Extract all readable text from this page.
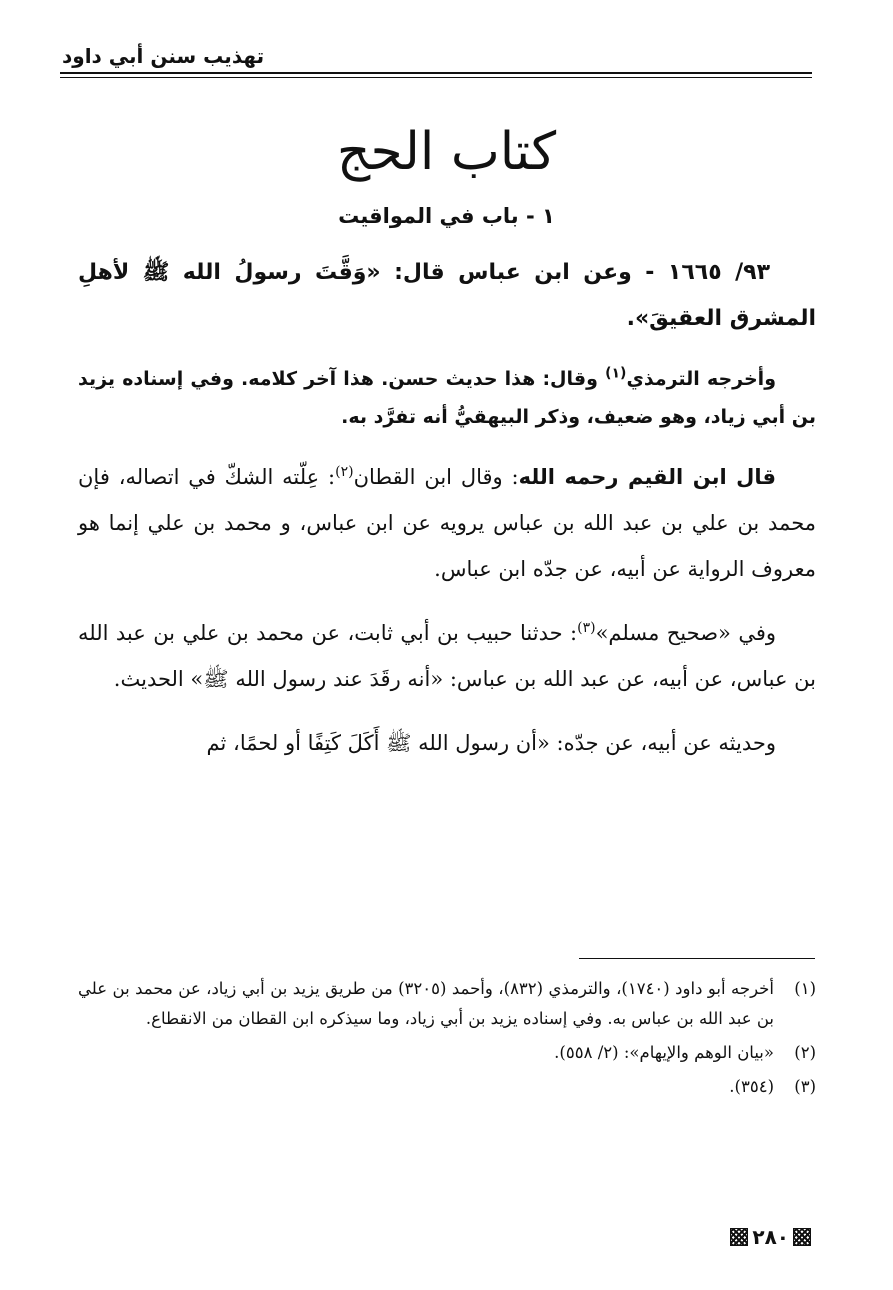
تهذيب سنن أبي داود
كتاب الحج
١ - باب في المواقيت

٩٣/ ١٦٦٥ - وعن ابن عباس قال: «وَقَّتَ رسولُ الله ﷺ لأهلِ المشرق العقيقَ».

وأخرجه الترمذي$^{(١)}$ وقال: هذا حديث حسن. هذا آخر كلامه. وفي إسناده يزيد بن أبي زياد، وهو ضعيف، وذكر البيهقيُّ أنه تفرَّد به.

قال ابن القيم رحمه الله: وقال ابن القطان$^{(٢)}$: عِلّته الشكّ في اتصاله، فإن محمد بن علي بن عبد الله بن عباس يرويه عن ابن عباس، و محمد بن علي إنما هو معروف الرواية عن أبيه، عن جدّه ابن عباس.

وفي «صحيح مسلم»$^{(٣)}$: حدثنا حبيب بن أبي ثابت، عن محمد بن علي بن عبد الله بن عباس، عن أبيه، عن عبد الله بن عباس: «أنه رقَدَ عند رسول الله ﷺ» الحديث.

وحديثه عن أبيه، عن جدّه: «أن رسول الله ﷺ أَكَلَ كَتِفًا أو لحمًا، ثم

(١)
أخرجه أبو داود (١٧٤٠)، والترمذي (٨٣٢)، وأحمد (٣٢٠٥) من طريق يزيد بن أبي زياد، عن محمد بن علي بن عبد الله بن عباس به. وفي إسناده يزيد بن أبي زياد، وما سيذكره ابن القطان من الانقطاع.
(٢)
«بيان الوهم والإيهام»: (٢/ ٥٥٨).
(٣)
(٣٥٤).
٢٨٠
